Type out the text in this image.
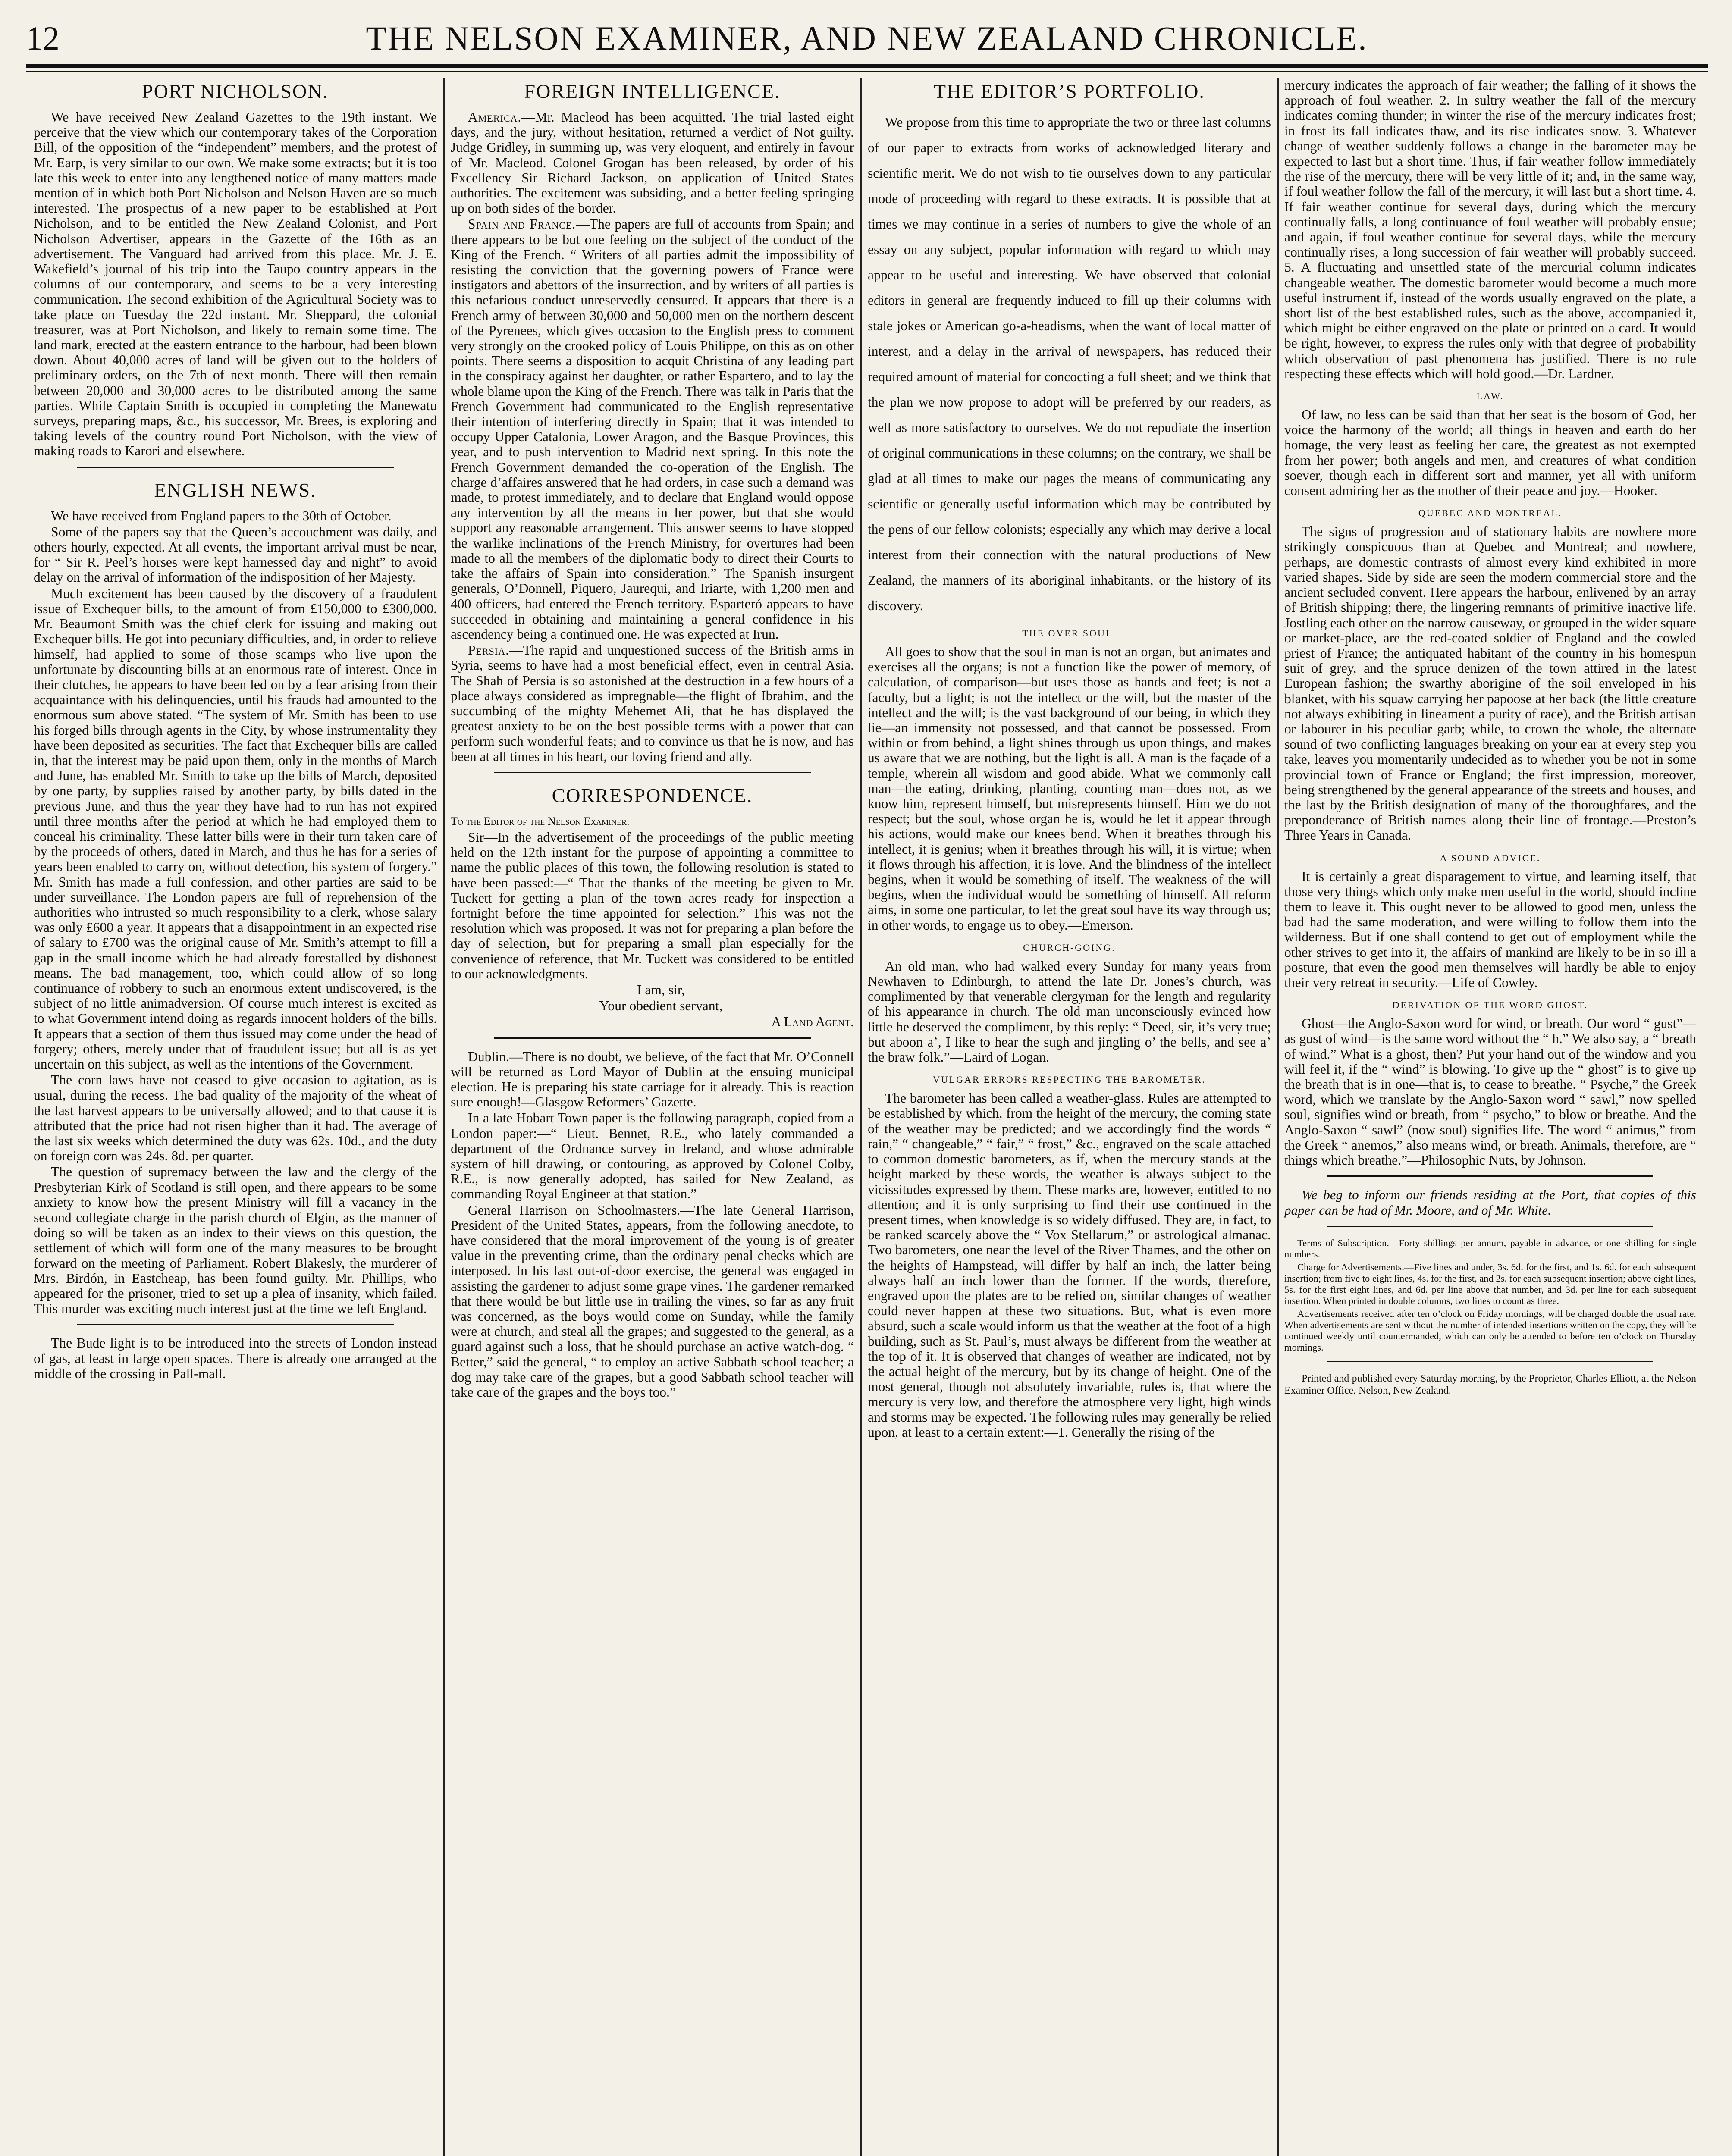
12	THE NELSON EXAMINER, AND NEW ZEALAND CHRONICLE.
PORT NICHOLSON.

We have received New Zealand Gazettes to the 19th instant. We perceive that the view which our contemporary takes of the Corporation Bill, of the opposition of the “independent” members, and the protest of Mr. Earp, is very similar to our own. We make some extracts; but it is too late this week to enter into any lengthened notice of many matters made mention of in which both Port Nicholson and Nelson Haven are so much interested. The prospectus of a new paper to be established at Port Nicholson, and to be entitled the New Zealand Colonist, and Port Nicholson Advertiser, appears in the Gazette of the 16th as an advertisement. The Vanguard had arrived from this place. Mr. J. E. Wakefield’s journal of his trip into the Taupo country appears in the columns of our contemporary, and seems to be a very interesting communication. The second exhibition of the Agricultural Society was to take place on Tuesday the 22d instant. Mr. Sheppard, the colonial treasurer, was at Port Nicholson, and likely to remain some time. The land mark, erected at the eastern entrance to the harbour, had been blown down. About 40,000 acres of land will be given out to the holders of preliminary orders, on the 7th of next month. There will then remain between 20,000 and 30,000 acres to be distributed among the same parties. While Captain Smith is occupied in completing the Manewatu surveys, preparing maps, &c., his successor, Mr. Brees, is exploring and taking levels of the country round Port Nicholson, with the view of making roads to Karori and elsewhere.

ENGLISH NEWS.

We have received from England papers to the 30th of October.

Some of the papers say that the Queen’s accouchment was daily, and others hourly, expected. At all events, the important arrival must be near, for “ Sir R. Peel’s horses were kept harnessed day and night” to avoid delay on the arrival of information of the indisposition of her Majesty.

Much excitement has been caused by the discovery of a fraudulent issue of Exchequer bills, to the amount of from £150,000 to £300,000. Mr. Beaumont Smith was the chief clerk for issuing and making out Exchequer bills. He got into pecuniary difficulties, and, in order to relieve himself, had applied to some of those scamps who live upon the unfortunate by discounting bills at an enormous rate of interest. Once in their clutches, he appears to have been led on by a fear arising from their acquaintance with his delinquencies, until his frauds had amounted to the enormous sum above stated. “The system of Mr. Smith has been to use his forged bills through agents in the City, by whose instrumentality they have been deposited as securities. The fact that Exchequer bills are called in, that the interest may be paid upon them, only in the months of March and June, has enabled Mr. Smith to take up the bills of March, deposited by one party, by supplies raised by another party, by bills dated in the previous June, and thus the year they have had to run has not expired until three months after the period at which he had employed them to conceal his criminality. These latter bills were in their turn taken care of by the proceeds of others, dated in March, and thus he has for a series of years been enabled to carry on, without detection, his system of forgery.” Mr. Smith has made a full confession, and other parties are said to be under surveillance. The London papers are full of reprehension of the authorities who intrusted so much responsibility to a clerk, whose salary was only £600 a year. It appears that a disappointment in an expected rise of salary to £700 was the original cause of Mr. Smith’s attempt to fill a gap in the small income which he had already forestalled by dishonest means. The bad management, too, which could allow of so long continuance of robbery to such an enormous extent undiscovered, is the subject of no little animadversion. Of course much interest is excited as to what Government intend doing as regards innocent holders of the bills. It appears that a section of them thus issued may come under the head of forgery; others, merely under that of fraudulent issue; but all is as yet uncertain on this subject, as well as the intentions of the Government.

The corn laws have not ceased to give occasion to agitation, as is usual, during the recess. The bad quality of the majority of the wheat of the last harvest appears to be universally allowed; and to that cause it is attributed that the price had not risen higher than it had. The average of the last six weeks which determined the duty was 62s. 10d., and the duty on foreign corn was 24s. 8d. per quarter.

The question of supremacy between the law and the clergy of the Presbyterian Kirk of Scotland is still open, and there appears to be some anxiety to know how the present Ministry will fill a vacancy in the second collegiate charge in the parish church of Elgin, as the manner of doing so will be taken as an index to their views on this question, the settlement of which will form one of the many measures to be brought forward on the meeting of Parliament. Robert Blakesly, the murderer of Mrs. Birdón, in Eastcheap, has been found guilty. Mr. Phillips, who appeared for the prisoner, tried to set up a plea of insanity, which failed. This murder was exciting much interest just at the time we left England.

The Bude light is to be introduced into the streets of London instead of gas, at least in large open spaces. There is already one arranged at the middle of the crossing in Pall-mall.

FOREIGN INTELLIGENCE.

America.—Mr. Macleod has been acquitted. The trial lasted eight days, and the jury, without hesitation, returned a verdict of Not guilty. Judge Gridley, in summing up, was very eloquent, and entirely in favour of Mr. Macleod. Colonel Grogan has been released, by order of his Excellency Sir Richard Jackson, on application of United States authorities. The excitement was subsiding, and a better feeling springing up on both sides of the border.

Spain and France.—The papers are full of accounts from Spain; and there appears to be but one feeling on the subject of the conduct of the King of the French. “ Writers of all parties admit the impossibility of resisting the conviction that the governing powers of France were instigators and abettors of the insurrection, and by writers of all parties is this nefarious conduct unreservedly censured. It appears that there is a French army of between 30,000 and 50,000 men on the northern descent of the Pyrenees, which gives occasion to the English press to comment very strongly on the crooked policy of Louis Philippe, on this as on other points. There seems a disposition to acquit Christina of any leading part in the conspiracy against her daughter, or rather Espartero, and to lay the whole blame upon the King of the French. There was talk in Paris that the French Government had communicated to the English representative their intention of interfering directly in Spain; that it was intended to occupy Upper Catalonia, Lower Aragon, and the Basque Provinces, this year, and to push intervention to Madrid next spring. In this note the French Government demanded the co-operation of the English. The charge d’affaires answered that he had orders, in case such a demand was made, to protest immediately, and to declare that England would oppose any intervention by all the means in her power, but that she would support any reasonable arrangement. This answer seems to have stopped the warlike inclinations of the French Ministry, for overtures had been made to all the members of the diplomatic body to direct their Courts to take the affairs of Spain into consideration.” The Spanish insurgent generals, O’Donnell, Piquero, Jaurequi, and Iriarte, with 1,200 men and 400 officers, had entered the French territory. Esparteró appears to have succeeded in obtaining and maintaining a general confidence in his ascendency being a continued one. He was expected at Irun.

Persia.—The rapid and unquestioned success of the British arms in Syria, seems to have had a most beneficial effect, even in central Asia. The Shah of Persia is so astonished at the destruction in a few hours of a place always considered as impregnable—the flight of Ibrahim, and the succumbing of the mighty Mehemet Ali, that he has displayed the greatest anxiety to be on the best possible terms with a power that can perform such wonderful feats; and to convince us that he is now, and has been at all times in his heart, our loving friend and ally.

CORRESPONDENCE.

To the Editor of the Nelson Examiner.

Sir—In the advertisement of the proceedings of the public meeting held on the 12th instant for the purpose of appointing a committee to name the public places of this town, the following resolution is stated to have been passed:—“ That the thanks of the meeting be given to Mr. Tuckett for getting a plan of the town acres ready for inspection a fortnight before the time appointed for selection.” This was not the resolution which was proposed. It was not for preparing a plan before the day of selection, but for preparing a small plan especially for the convenience of reference, that Mr. Tuckett was considered to be entitled to our acknowledgments.

I am, sir,

Your obedient servant,

A Land Agent.

Dublin.—There is no doubt, we believe, of the fact that Mr. O’Connell will be returned as Lord Mayor of Dublin at the ensuing municipal election. He is preparing his state carriage for it already. This is reaction sure enough!—Glasgow Reformers’ Gazette.

In a late Hobart Town paper is the following paragraph, copied from a London paper:—“ Lieut. Bennet, R.E., who lately commanded a department of the Ordnance survey in Ireland, and whose admirable system of hill drawing, or contouring, as approved by Colonel Colby, R.E., is now generally adopted, has sailed for New Zealand, as commanding Royal Engineer at that station.”

General Harrison on Schoolmasters.—The late General Harrison, President of the United States, appears, from the following anecdote, to have considered that the moral improvement of the young is of greater value in the preventing crime, than the ordinary penal checks which are interposed. In his last out-of-door exercise, the general was engaged in assisting the gardener to adjust some grape vines. The gardener remarked that there would be but little use in trailing the vines, so far as any fruit was concerned, as the boys would come on Sunday, while the family were at church, and steal all the grapes; and suggested to the general, as a guard against such a loss, that he should purchase an active watch-dog. “ Better,” said the general, “ to employ an active Sabbath school teacher; a dog may take care of the grapes, but a good Sabbath school teacher will take care of the grapes and the boys too.”

THE EDITOR’S PORTFOLIO.

We propose from this time to appropriate the two or three last columns of our paper to extracts from works of acknowledged literary and scientific merit. We do not wish to tie ourselves down to any particular mode of proceeding with regard to these extracts. It is possible that at times we may continue in a series of numbers to give the whole of an essay on any subject, popular information with regard to which may appear to be useful and interesting. We have observed that colonial editors in general are frequently induced to fill up their columns with stale jokes or American go-a-headisms, when the want of local matter of interest, and a delay in the arrival of newspapers, has reduced their required amount of material for concocting a full sheet; and we think that the plan we now propose to adopt will be preferred by our readers, as well as more satisfactory to ourselves. We do not repudiate the insertion of original communications in these columns; on the contrary, we shall be glad at all times to make our pages the means of communicating any scientific or generally useful information which may be contributed by the pens of our fellow colonists; especially any which may derive a local interest from their connection with the natural productions of New Zealand, the manners of its aboriginal inhabitants, or the history of its discovery.

THE OVER SOUL.

All goes to show that the soul in man is not an organ, but animates and exercises all the organs; is not a function like the power of memory, of calculation, of comparison—but uses those as hands and feet; is not a faculty, but a light; is not the intellect or the will, but the master of the intellect and the will; is the vast background of our being, in which they lie—an immensity not possessed, and that cannot be possessed. From within or from behind, a light shines through us upon things, and makes us aware that we are nothing, but the light is all. A man is the façade of a temple, wherein all wisdom and good abide. What we commonly call man—the eating, drinking, planting, counting man—does not, as we know him, represent himself, but misrepresents himself. Him we do not respect; but the soul, whose organ he is, would he let it appear through his actions, would make our knees bend. When it breathes through his intellect, it is genius; when it breathes through his will, it is virtue; when it flows through his affection, it is love. And the blindness of the intellect begins, when it would be something of itself. The weakness of the will begins, when the individual would be something of himself. All reform aims, in some one particular, to let the great soul have its way through us; in other words, to engage us to obey.—Emerson.

CHURCH-GOING.

An old man, who had walked every Sunday for many years from Newhaven to Edinburgh, to attend the late Dr. Jones’s church, was complimented by that venerable clergyman for the length and regularity of his appearance in church. The old man unconsciously evinced how little he deserved the compliment, by this reply: “ Deed, sir, it’s very true; but aboon a’, I like to hear the sugh and jingling o’ the bells, and see a’ the braw folk.”—Laird of Logan.

VULGAR ERRORS RESPECTING THE BAROMETER.

The barometer has been called a weather-glass. Rules are attempted to be established by which, from the height of the mercury, the coming state of the weather may be predicted; and we accordingly find the words “ rain,” “ changeable,” “ fair,” “ frost,” &c., engraved on the scale attached to common domestic barometers, as if, when the mercury stands at the height marked by these words, the weather is always subject to the vicissitudes expressed by them. These marks are, however, entitled to no attention; and it is only surprising to find their use continued in the present times, when knowledge is so widely diffused. They are, in fact, to be ranked scarcely above the “ Vox Stellarum,” or astrological almanac. Two barometers, one near the level of the River Thames, and the other on the heights of Hampstead, will differ by half an inch, the latter being always half an inch lower than the former. If the words, therefore, engraved upon the plates are to be relied on, similar changes of weather could never happen at these two situations. But, what is even more absurd, such a scale would inform us that the weather at the foot of a high building, such as St. Paul’s, must always be different from the weather at the top of it. It is observed that changes of weather are indicated, not by the actual height of the mercury, but by its change of height. One of the most general, though not absolutely invariable, rules is, that where the mercury is very low, and therefore the atmosphere very light, high winds and storms may be expected. The following rules may generally be relied upon, at least to a certain extent:—1. Generally the rising of the

mercury indicates the approach of fair weather; the falling of it shows the approach of foul weather. 2. In sultry weather the fall of the mercury indicates coming thunder; in winter the rise of the mercury indicates frost; in frost its fall indicates thaw, and its rise indicates snow. 3. Whatever change of weather suddenly follows a change in the barometer may be expected to last but a short time. Thus, if fair weather follow immediately the rise of the mercury, there will be very little of it; and, in the same way, if foul weather follow the fall of the mercury, it will last but a short time. 4. If fair weather continue for several days, during which the mercury continually falls, a long continuance of foul weather will probably ensue; and again, if foul weather continue for several days, while the mercury continually rises, a long succession of fair weather will probably succeed. 5. A fluctuating and unsettled state of the mercurial column indicates changeable weather. The domestic barometer would become a much more useful instrument if, instead of the words usually engraved on the plate, a short list of the best established rules, such as the above, accompanied it, which might be either engraved on the plate or printed on a card. It would be right, however, to express the rules only with that degree of probability which observation of past phenomena has justified. There is no rule respecting these effects which will hold good.—Dr. Lardner.

LAW.

Of law, no less can be said than that her seat is the bosom of God, her voice the harmony of the world; all things in heaven and earth do her homage, the very least as feeling her care, the greatest as not exempted from her power; both angels and men, and creatures of what condition soever, though each in different sort and manner, yet all with uniform consent admiring her as the mother of their peace and joy.—Hooker.

QUEBEC AND MONTREAL.

The signs of progression and of stationary habits are nowhere more strikingly conspicuous than at Quebec and Montreal; and nowhere, perhaps, are domestic contrasts of almost every kind exhibited in more varied shapes. Side by side are seen the modern commercial store and the ancient secluded convent. Here appears the harbour, enlivened by an array of British shipping; there, the lingering remnants of primitive inactive life. Jostling each other on the narrow causeway, or grouped in the wider square or market-place, are the red-coated soldier of England and the cowled priest of France; the antiquated habitant of the country in his homespun suit of grey, and the spruce denizen of the town attired in the latest European fashion; the swarthy aborigine of the soil enveloped in his blanket, with his squaw carrying her papoose at her back (the little creature not always exhibiting in lineament a purity of race), and the British artisan or labourer in his peculiar garb; while, to crown the whole, the alternate sound of two conflicting languages breaking on your ear at every step you take, leaves you momentarily undecided as to whether you be not in some provincial town of France or England; the first impression, moreover, being strengthened by the general appearance of the streets and houses, and the last by the British designation of many of the thoroughfares, and the preponderance of British names along their line of frontage.—Preston’s Three Years in Canada.

A SOUND ADVICE.

It is certainly a great disparagement to virtue, and learning itself, that those very things which only make men useful in the world, should incline them to leave it. This ought never to be allowed to good men, unless the bad had the same moderation, and were willing to follow them into the wilderness. But if one shall contend to get out of employment while the other strives to get into it, the affairs of mankind are likely to be in so ill a posture, that even the good men themselves will hardly be able to enjoy their very retreat in security.—Life of Cowley.

DERIVATION OF THE WORD GHOST.

Ghost—the Anglo-Saxon word for wind, or breath. Our word “ gust”—as gust of wind—is the same word without the “ h.” We also say, a “ breath of wind.” What is a ghost, then? Put your hand out of the window and you will feel it, if the “ wind” is blowing. To give up the “ ghost” is to give up the breath that is in one—that is, to cease to breathe. “ Psyche,” the Greek word, which we translate by the Anglo-Saxon word “ sawl,” now spelled soul, signifies wind or breath, from “ psycho,” to blow or breathe. And the Anglo-Saxon “ sawl” (now soul) signifies life. The word “ animus,” from the Greek “ anemos,” also means wind, or breath. Animals, therefore, are “ things which breathe.”—Philosophic Nuts, by Johnson.

We beg to inform our friends residing at the Port, that copies of this paper can be had of Mr. Moore, and of Mr. White.

Terms of Subscription.—Forty shillings per annum, payable in advance, or one shilling for single numbers.

Charge for Advertisements.—Five lines and under, 3s. 6d. for the first, and 1s. 6d. for each subsequent insertion; from five to eight lines, 4s. for the first, and 2s. for each subsequent insertion; above eight lines, 5s. for the first eight lines, and 6d. per line above that number, and 3d. per line for each subsequent insertion. When printed in double columns, two lines to count as three.

Advertisements received after ten o’clock on Friday mornings, will be charged double the usual rate. When advertisements are sent without the number of intended insertions written on the copy, they will be continued weekly until countermanded, which can only be attended to before ten o’clock on Thursday mornings.

Printed and published every Saturday morning, by the Proprietor, Charles Elliott, at the Nelson Examiner Office, Nelson, New Zealand.
